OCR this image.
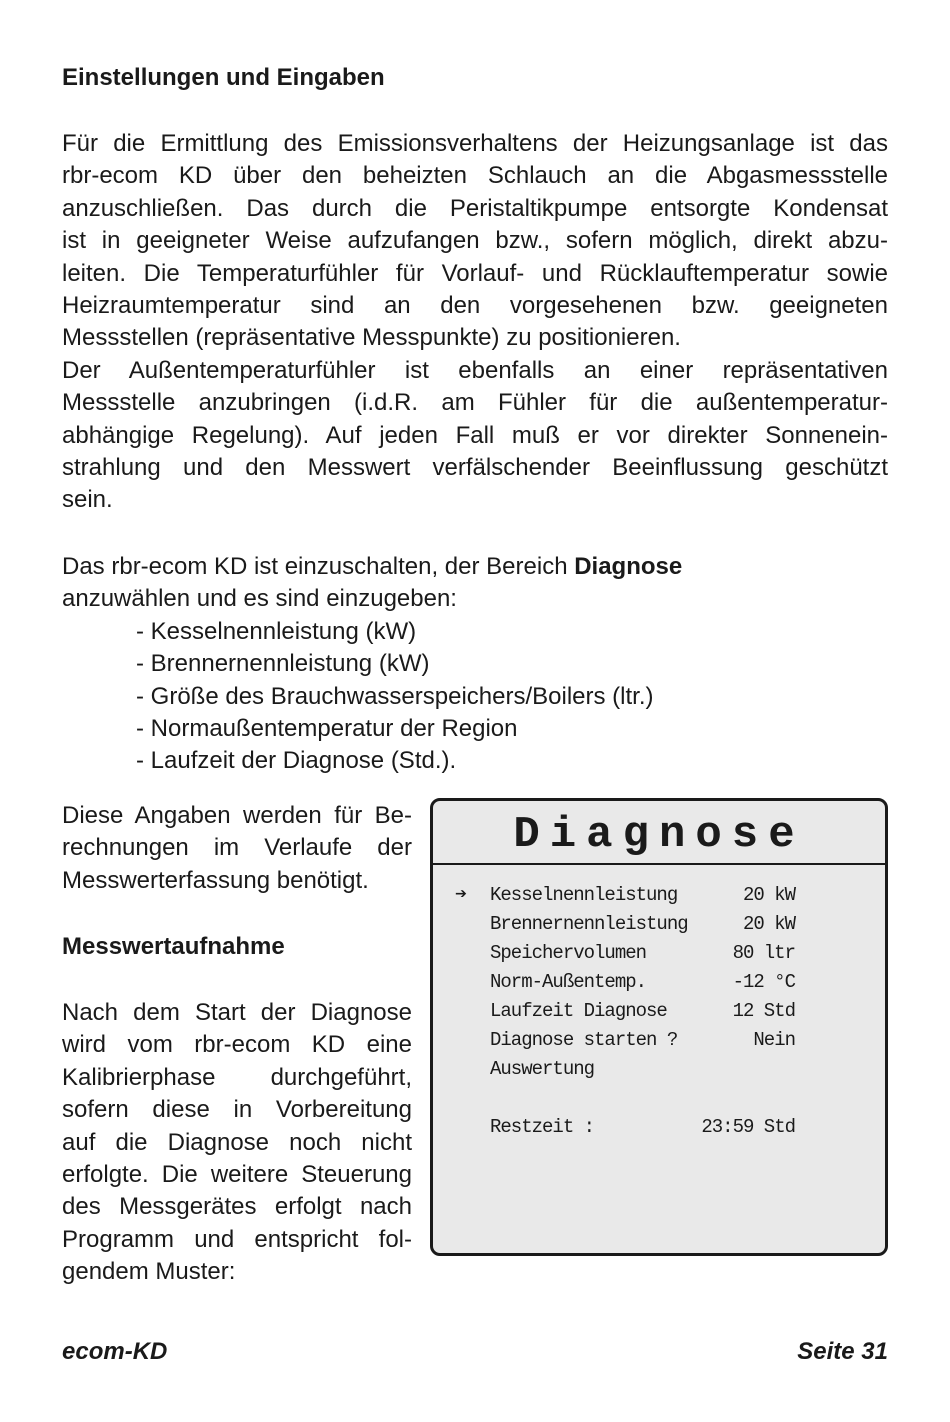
Einstellungen und Eingaben

Für die Ermittlung des Emissionsverhaltens der Heizungsanlage ist das
rbr-ecom KD über den beheizten Schlauch an die Abgasmessstelle
anzuschließen. Das durch die Peristaltikpumpe entsorgte Kondensat
ist in geeigneter Weise aufzufangen bzw., sofern möglich, direkt abzu-
leiten. Die Temperaturfühler für Vorlauf- und Rücklauftemperatur sowie
Heizraumtemperatur sind an den vorgesehenen bzw. geeigneten
Messstellen (repräsentative Messpunkte) zu positionieren.
Der Außentemperaturfühler ist ebenfalls an einer repräsentativen
Messstelle anzubringen (i.d.R. am Fühler für die außentemperatur-
abhängige Regelung). Auf jeden Fall muß er vor direkter Sonnenein-
strahlung und den Messwert verfälschender Beeinflussung geschützt
sein.

Das rbr-ecom KD ist einzuschalten, der Bereich Diagnose
anzuwählen und es sind einzugeben:

- Kesselnennleistung (kW)
- Brennernennleistung (kW)
- Größe des Brauchwasserspeichers/Boilers (ltr.)
- Normaußentemperatur der Region
- Laufzeit der Diagnose (Std.).

Diese Angaben werden für Be-
rechnungen im Verlaufe der
Messwerterfassung benötigt.

Messwertaufnahme

Nach dem Start der Diagnose
wird vom rbr-ecom KD eine
Kalibrierphase durchgeführt,
sofern diese in Vorbereitung
auf die Diagnose noch nicht
erfolgte. Die weitere Steuerung
des Messgerätes erfolgt nach
Programm und entspricht fol-
gendem Muster:

Diagnose
➔ Kesselnennleistung	20 kW
Brennernennleistung	20 kW
Speichervolumen	80 ltr
Norm-Außentemp.	-12 °C
Laufzeit Diagnose	12 Std
Diagnose starten ?	Nein
Auswertung
Restzeit :	23:59 Std
ecom-KD	Seite 31
